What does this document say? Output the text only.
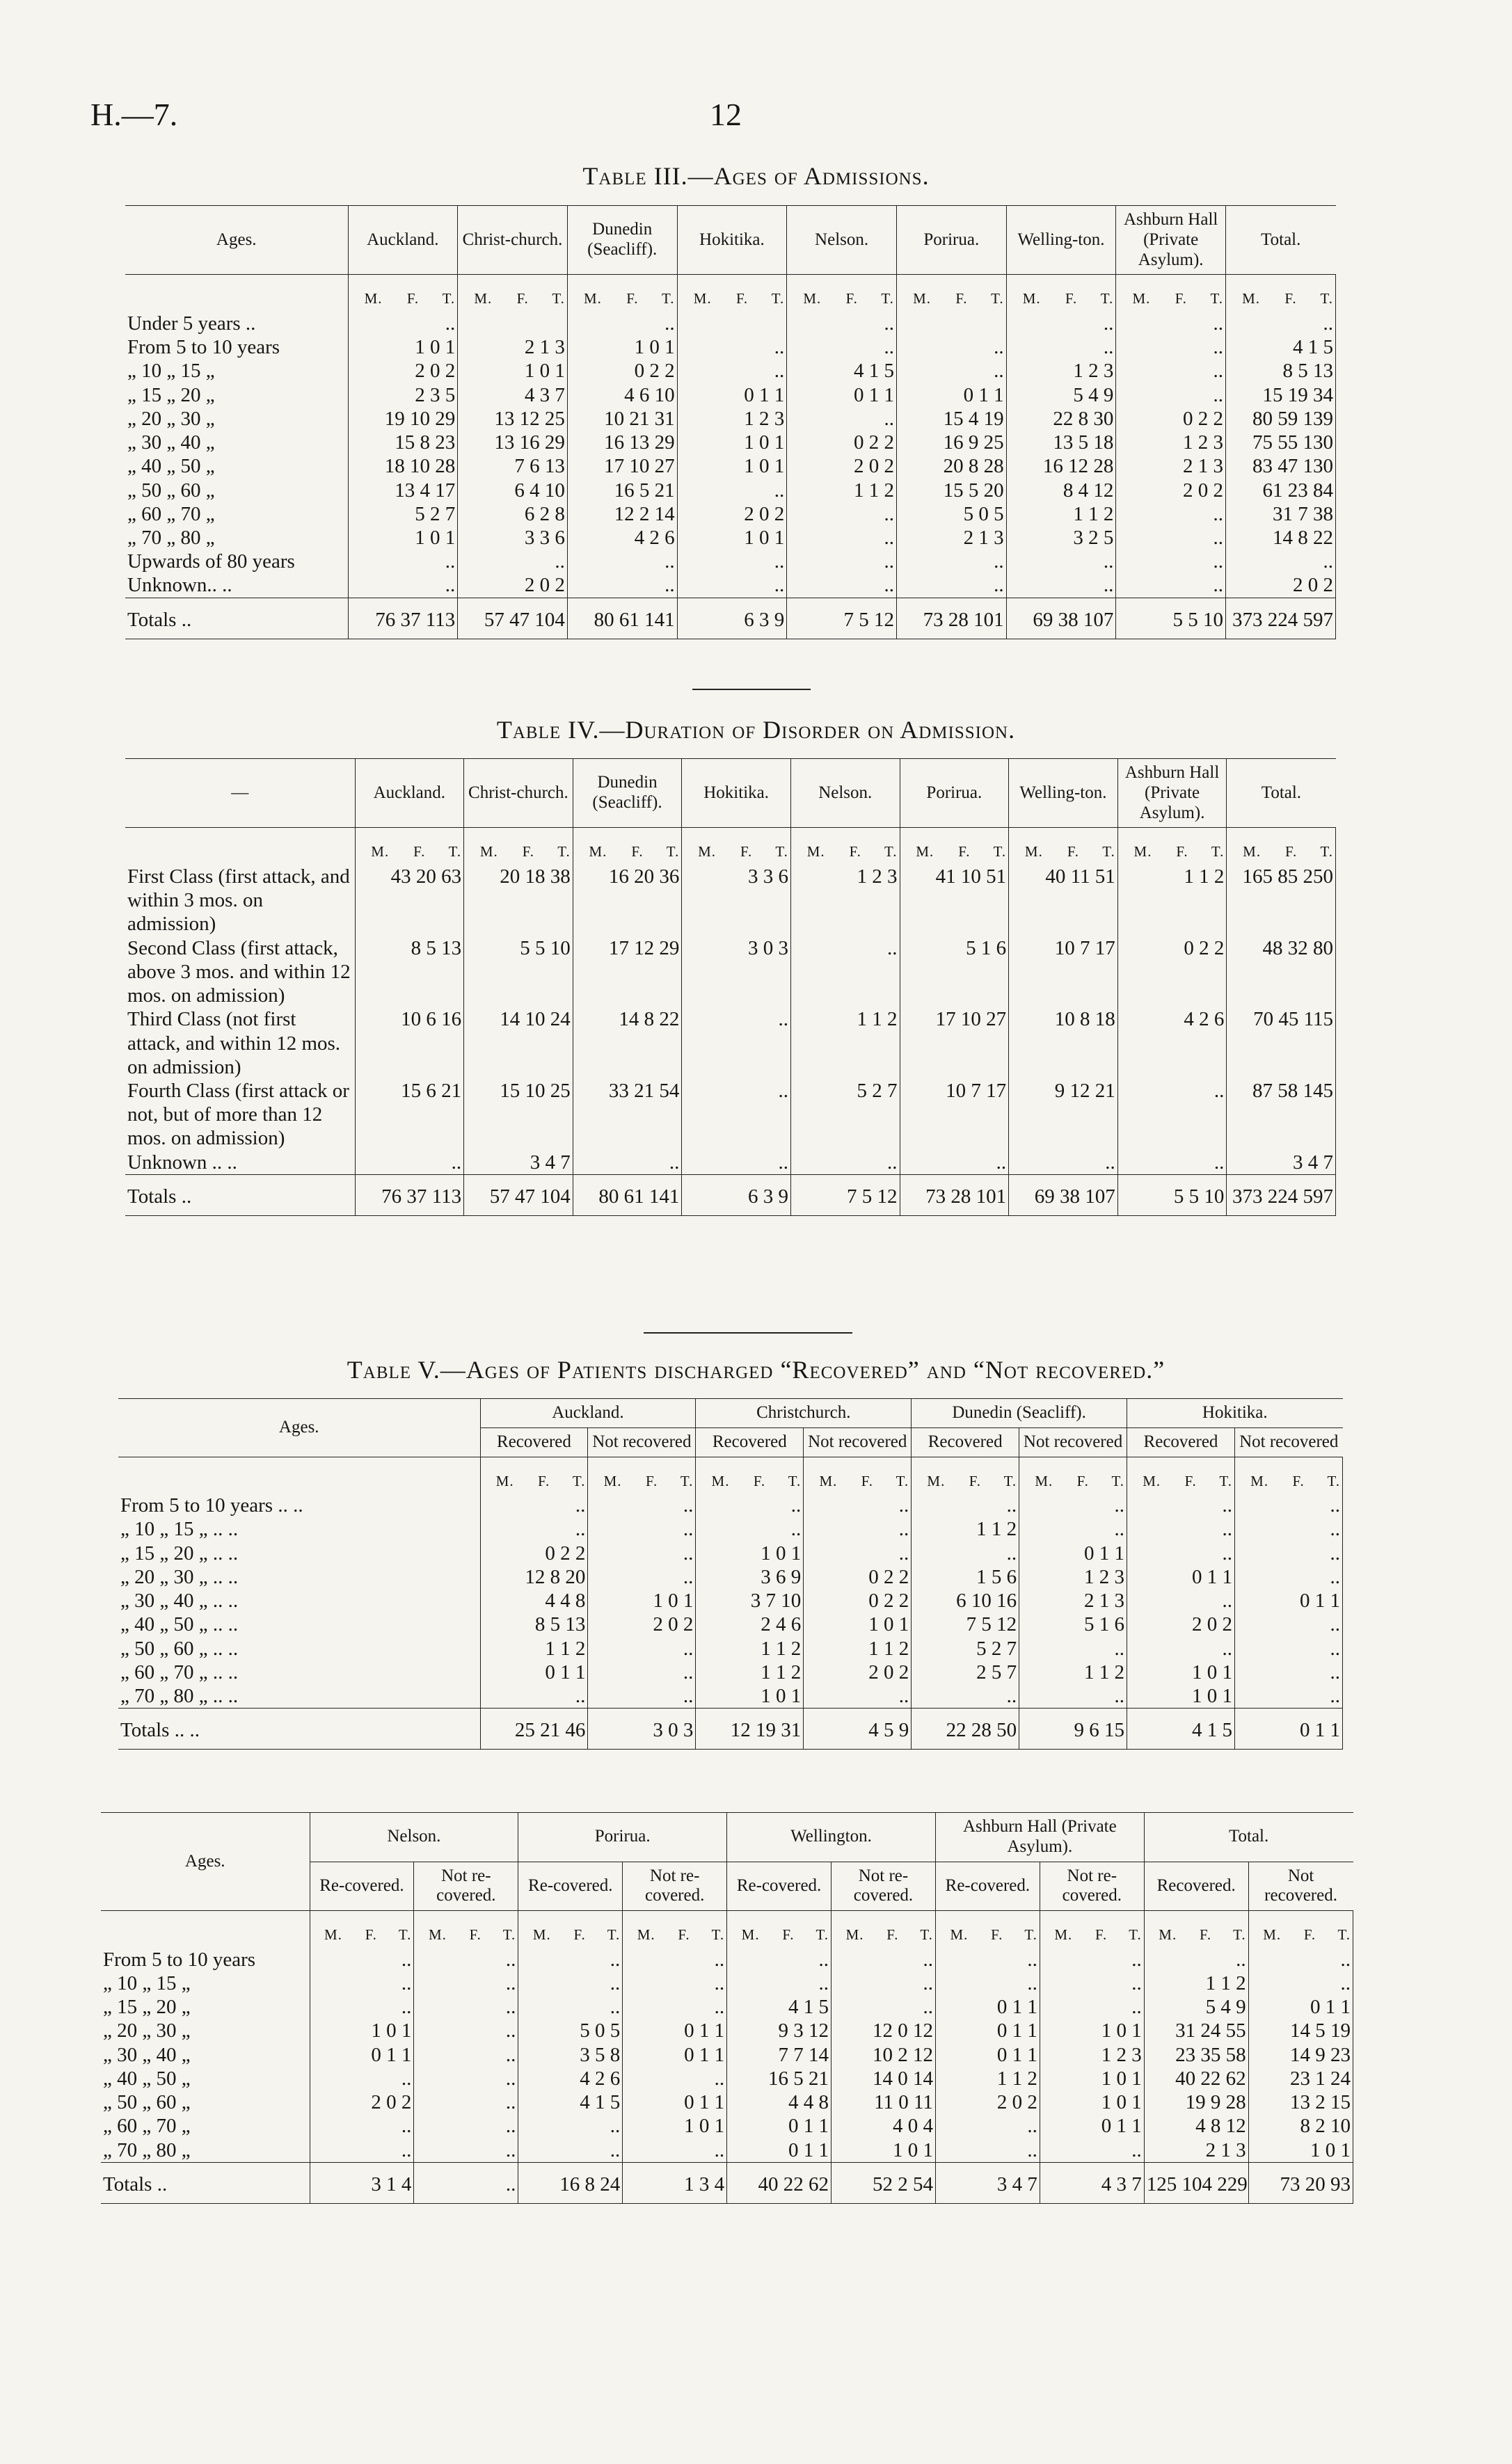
H.—7.	12
Table III.—Ages of Admissions.
Ages.	Auckland.			Christ-church.			Dunedin (Seacliff).			Hokitika.			Nelson.			Porirua.			Welling-ton.			Ashburn Hall (Private Asylum).			Total.		
	M.	F.	T.	M.	F.	T.	M.	F.	T.	M.	F.	T.	M.	F.	T.	M.	F.	T.	M.	F.	T.	M.	F.	T.	M.	F.	T.
Under 5 years ..	..						..						..						..			..			..		
From 5 to 10 years	1 0 1			2 1 3			1 0 1			..			..			..			..			..			4 1 5		
„ 10 „ 15 „	2 0 2			1 0 1			0 2 2			..			4 1 5			..			1 2 3			..			8 5 13		
„ 15 „ 20 „	2 3 5			4 3 7			4 6 10			0 1 1			0 1 1			0 1 1			5 4 9			..			15 19 34		
„ 20 „ 30 „	19 10 29			13 12 25			10 21 31			1 2 3			..			15 4 19			22 8 30			0 2 2			80 59 139		
„ 30 „ 40 „	15 8 23			13 16 29			16 13 29			1 0 1			0 2 2			16 9 25			13 5 18			1 2 3			75 55 130		
„ 40 „ 50 „	18 10 28			7 6 13			17 10 27			1 0 1			2 0 2			20 8 28			16 12 28			2 1 3			83 47 130		
„ 50 „ 60 „	13 4 17			6 4 10			16 5 21			..			1 1 2			15 5 20			8 4 12			2 0 2			61 23 84		
„ 60 „ 70 „	5 2 7			6 2 8			12 2 14			2 0 2			..			5 0 5			1 1 2			..			31 7 38		
„ 70 „ 80 „	1 0 1			3 3 6			4 2 6			1 0 1			..			2 1 3			3 2 5			..			14 8 22		
Upwards of 80 years	..			..			..			..			..			..			..			..			..		
Unknown.. ..	..			2 0 2			..			..			..			..			..			..			2 0 2		
Totals ..	76 37 113			57 47 104			80 61 141			6 3 9			7 5 12			73 28 101			69 38 107			5 5 10			373 224 597		
Table IV.—Duration of Disorder on Admission.
—	Auckland.			Christ-church.			Dunedin (Seacliff).			Hokitika.			Nelson.			Porirua.			Welling-ton.			Ashburn Hall (Private Asylum).			Total.		
	M.	F.	T.	M.	F.	T.	M.	F.	T.	M.	F.	T.	M.	F.	T.	M.	F.	T.	M.	F.	T.	M.	F.	T.	M.	F.	T.
First Class (first attack, and within 3 mos. on admission)	43 20 63			20 18 38			16 20 36			3 3 6			1 2 3			41 10 51			40 11 51			1 1 2			165 85 250		
Second Class (first attack, above 3 mos. and within 12 mos. on admission)	8 5 13			5 5 10			17 12 29			3 0 3			..			5 1 6			10 7 17			0 2 2			48 32 80		
Third Class (not first attack, and within 12 mos. on admission)	10 6 16			14 10 24			14 8 22			..			1 1 2			17 10 27			10 8 18			4 2 6			70 45 115		
Fourth Class (first attack or not, but of more than 12 mos. on admission)	15 6 21			15 10 25			33 21 54			..			5 2 7			10 7 17			9 12 21			..			87 58 145		
Unknown .. ..	..			3 4 7			..			..			..			..			..			..			3 4 7		
Totals ..	76 37 113			57 47 104			80 61 141			6 3 9			7 5 12			73 28 101			69 38 107			5 5 10			373 224 597		
Table V.—Ages of Patients discharged “Recovered” and “Not recovered.”
Ages.	Auckland.						Christchurch.						Dunedin (Seacliff).						Hokitika.					
	Recovered			Not recovered			Recovered			Not recovered			Recovered			Not recovered			Recovered			Not recovered		
	M.	F.	T.	M.	F.	T.	M.	F.	T.	M.	F.	T.	M.	F.	T.	M.	F.	T.	M.	F.	T.	M.	F.	T.
From 5 to 10 years .. ..	..			..			..			..			..			..			..			..		
„ 10 „ 15 „ .. ..	..			..			..			..			1 1 2			..			..			..		
„ 15 „ 20 „ .. ..	0 2 2			..			1 0 1			..			..			0 1 1			..			..		
„ 20 „ 30 „ .. ..	12 8 20			..			3 6 9			0 2 2			1 5 6			1 2 3			0 1 1			..		
„ 30 „ 40 „ .. ..	4 4 8			1 0 1			3 7 10			0 2 2			6 10 16			2 1 3			..			0 1 1		
„ 40 „ 50 „ .. ..	8 5 13			2 0 2			2 4 6			1 0 1			7 5 12			5 1 6			2 0 2			..		
„ 50 „ 60 „ .. ..	1 1 2			..			1 1 2			1 1 2			5 2 7			..			..			..		
„ 60 „ 70 „ .. ..	0 1 1			..			1 1 2			2 0 2			2 5 7			1 1 2			1 0 1			..		
„ 70 „ 80 „ .. ..	..			..			1 0 1			..			..			..			1 0 1			..		
Totals .. ..	25 21 46			3 0 3			12 19 31			4 5 9			22 28 50			9 6 15			4 1 5			0 1 1		
Ages.	Nelson.						Porirua.						Wellington.						Ashburn Hall (Private Asylum).						Total.					
	Re-covered.			Not re-covered.			Re-covered.			Not re-covered.			Re-covered.			Not re-covered.			Re-covered.			Not re-covered.			Recovered.			Not recovered.		
	M.	F.	T.	M.	F.	T.	M.	F.	T.	M.	F.	T.	M.	F.	T.	M.	F.	T.	M.	F.	T.	M.	F.	T.	M.	F.	T.	M.	F.	T.
From 5 to 10 years	..			..			..			..			..			..			..			..			..			..		
„ 10 „ 15 „	..			..			..			..			..			..			..			..			1 1 2			..		
„ 15 „ 20 „	..			..			..			..			4 1 5			..			0 1 1			..			5 4 9			0 1 1		
„ 20 „ 30 „	1 0 1			..			5 0 5			0 1 1			9 3 12			12 0 12			0 1 1			1 0 1			31 24 55			14 5 19		
„ 30 „ 40 „	0 1 1			..			3 5 8			0 1 1			7 7 14			10 2 12			0 1 1			1 2 3			23 35 58			14 9 23		
„ 40 „ 50 „	..			..			4 2 6			..			16 5 21			14 0 14			1 1 2			1 0 1			40 22 62			23 1 24		
„ 50 „ 60 „	2 0 2			..			4 1 5			0 1 1			4 4 8			11 0 11			2 0 2			1 0 1			19 9 28			13 2 15		
„ 60 „ 70 „	..			..			..			1 0 1			0 1 1			4 0 4			..			0 1 1			4 8 12			8 2 10		
„ 70 „ 80 „	..			..			..			..			0 1 1			1 0 1			..			..			2 1 3			1 0 1		
Totals ..	3 1 4			..			16 8 24			1 3 4			40 22 62			52 2 54			3 4 7			4 3 7			125 104 229			73 20 93		
